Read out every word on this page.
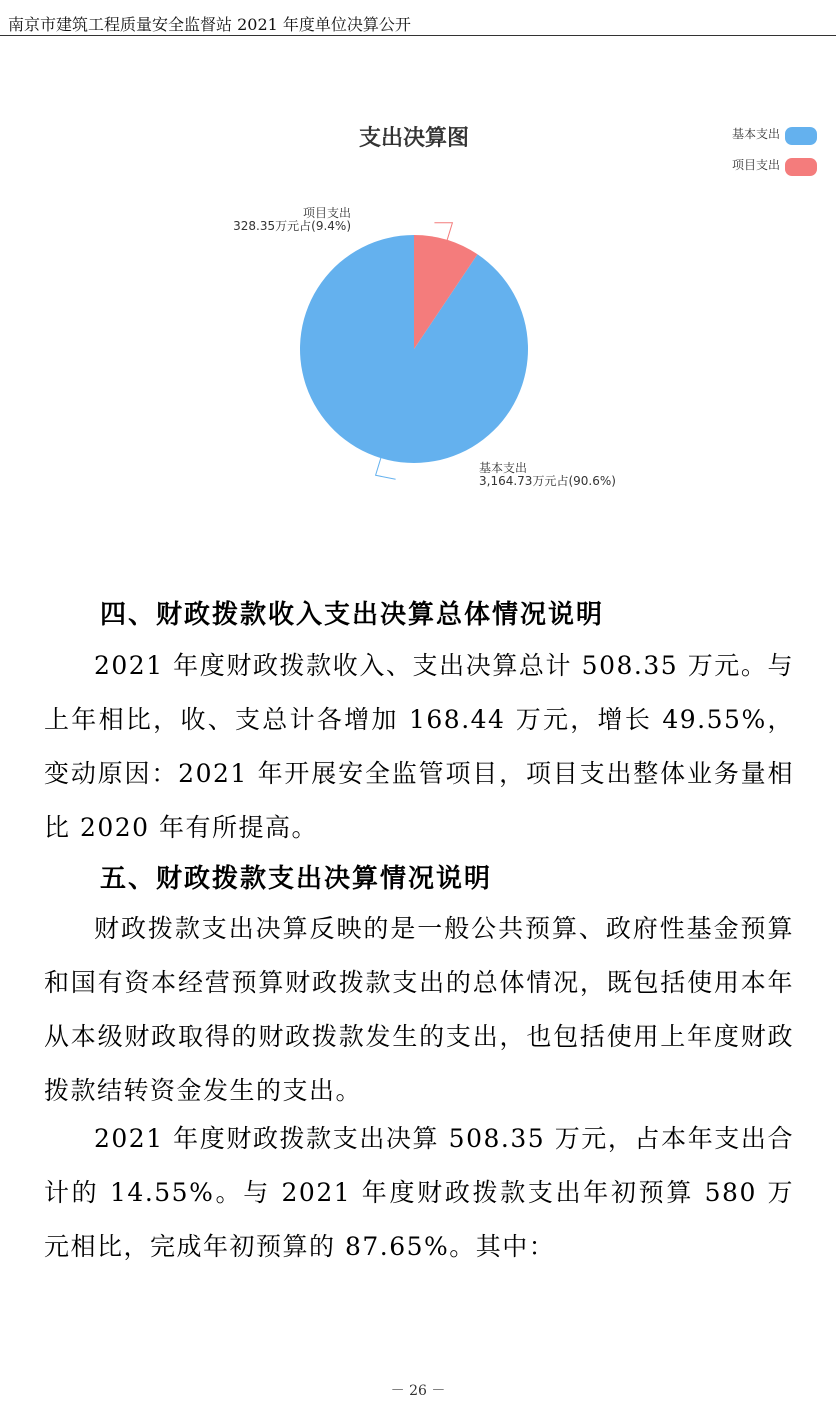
南京市建筑工程质量安全监督站 2021 年度单位决算公开
支出决算图	基本支出
项目支出
项目支出
328.35万元占(9.4%)
基本支出
3,164.73万元占(90.6%)
四、财政拨款收入支出决算总体情况说明
2021 年度财政拨款收入、支出决算总计 508.35 万元。与上年相比，收、支总计各增加 168.44 万元，增长 49.55%，变动原因：2021 年开展安全监管项目，项目支出整体业务量相比 2020 年有所提高。
五、财政拨款支出决算情况说明
财政拨款支出决算反映的是一般公共预算、政府性基金预算和国有资本经营预算财政拨款支出的总体情况，既包括使用本年从本级财政取得的财政拨款发生的支出，也包括使用上年度财政拨款结转资金发生的支出。
2021 年度财政拨款支出决算 508.35 万元，占本年支出合计的 14.55%。与 2021 年度财政拨款支出年初预算 580 万元相比，完成年初预算的 87.65%。其中：
－ 26 －
